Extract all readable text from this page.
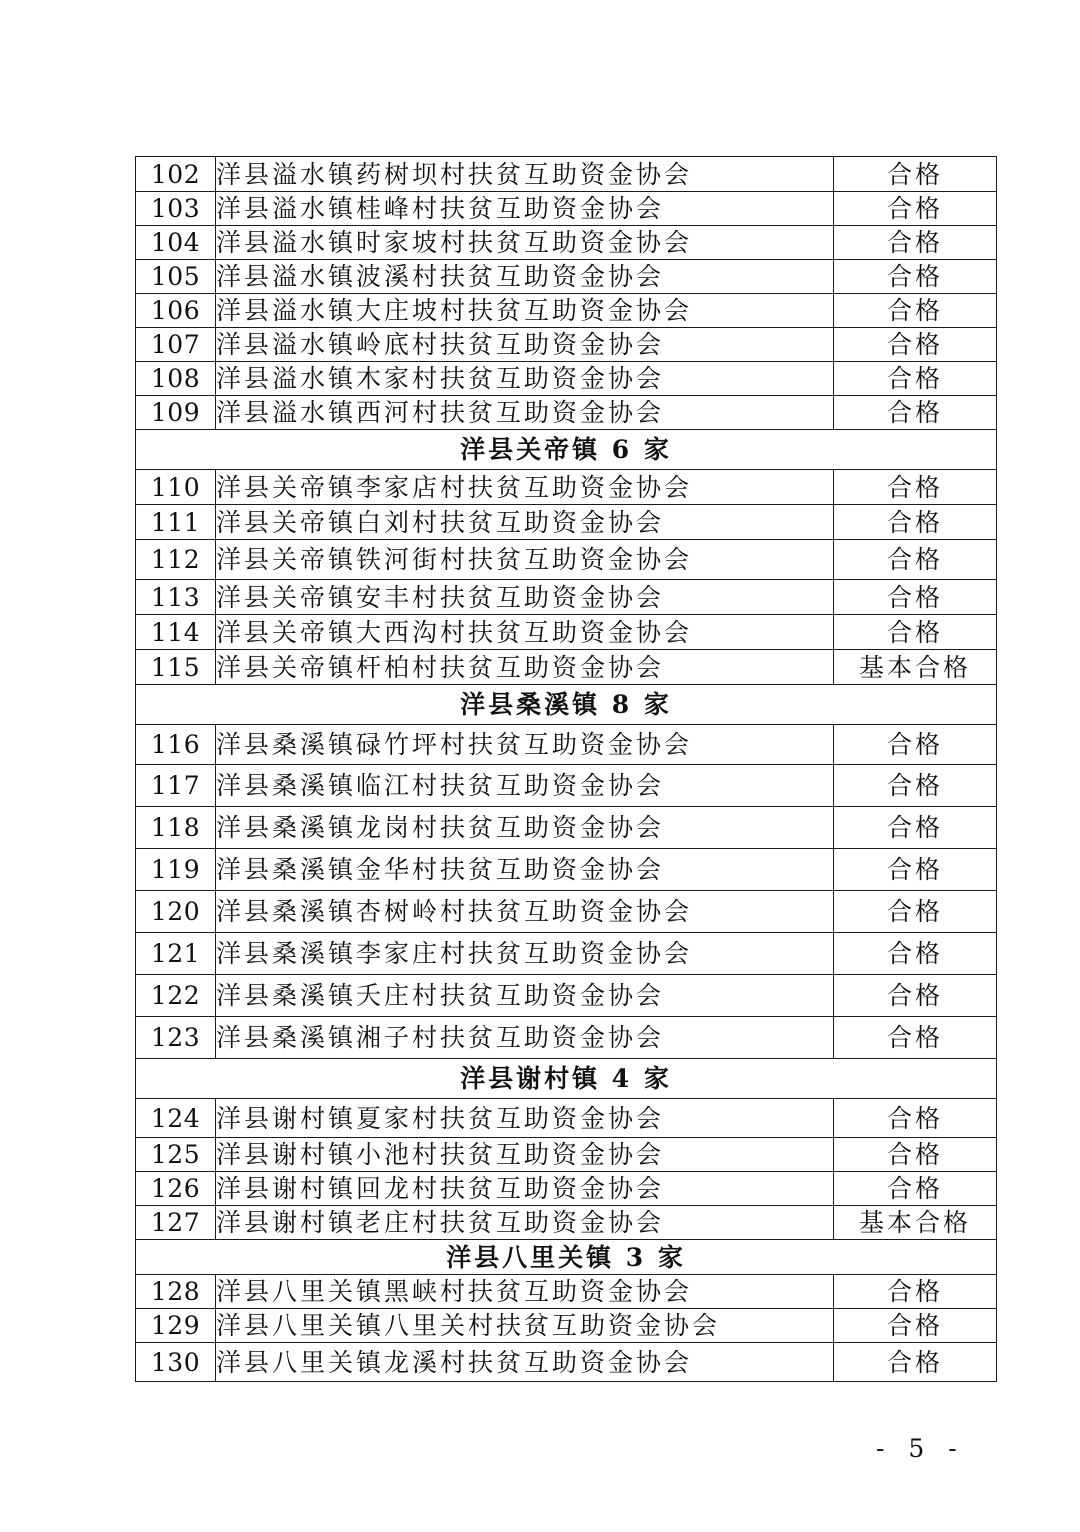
102	洋县溢水镇药树坝村扶贫互助资金协会	合格
103	洋县溢水镇桂峰村扶贫互助资金协会	合格
104	洋县溢水镇时家坡村扶贫互助资金协会	合格
105	洋县溢水镇波溪村扶贫互助资金协会	合格
106	洋县溢水镇大庄坡村扶贫互助资金协会	合格
107	洋县溢水镇岭底村扶贫互助资金协会	合格
108	洋县溢水镇木家村扶贫互助资金协会	合格
109	洋县溢水镇西河村扶贫互助资金协会	合格
洋县关帝镇 6 家		
110	洋县关帝镇李家店村扶贫互助资金协会	合格
111	洋县关帝镇白刘村扶贫互助资金协会	合格
112	洋县关帝镇铁河街村扶贫互助资金协会	合格
113	洋县关帝镇安丰村扶贫互助资金协会	合格
114	洋县关帝镇大西沟村扶贫互助资金协会	合格
115	洋县关帝镇杆柏村扶贫互助资金协会	基本合格
洋县桑溪镇 8 家		
116	洋县桑溪镇碌竹坪村扶贫互助资金协会	合格
117	洋县桑溪镇临江村扶贫互助资金协会	合格
118	洋县桑溪镇龙岗村扶贫互助资金协会	合格
119	洋县桑溪镇金华村扶贫互助资金协会	合格
120	洋县桑溪镇杏树岭村扶贫互助资金协会	合格
121	洋县桑溪镇李家庄村扶贫互助资金协会	合格
122	洋县桑溪镇夭庄村扶贫互助资金协会	合格
123	洋县桑溪镇湘子村扶贫互助资金协会	合格
洋县谢村镇 4 家		
124	洋县谢村镇夏家村扶贫互助资金协会	合格
125	洋县谢村镇小池村扶贫互助资金协会	合格
126	洋县谢村镇回龙村扶贫互助资金协会	合格
127	洋县谢村镇老庄村扶贫互助资金协会	基本合格
洋县八里关镇 3 家		
128	洋县八里关镇黑峡村扶贫互助资金协会	合格
129	洋县八里关镇八里关村扶贫互助资金协会	合格
130	洋县八里关镇龙溪村扶贫互助资金协会	合格
- 5 -
